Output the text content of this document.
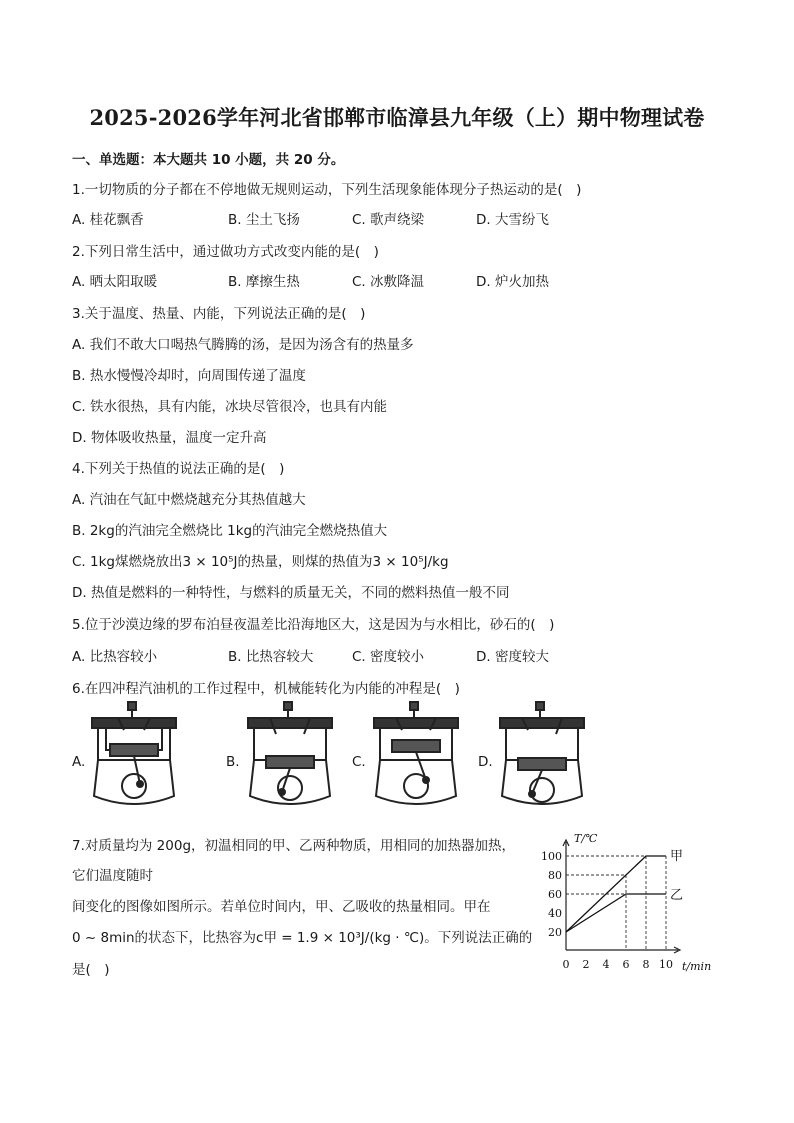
2025-2026学年河北省邯郸市临漳县九年级（上）期中物理试卷
一、单选题：本大题共 10 小题，共 20 分。
1.一切物质的分子都在不停地做无规则运动，下列生活现象能体现分子热运动的是(　)
A. 桂花飘香	B. 尘土飞扬	C. 歌声绕梁	D. 大雪纷飞
2.下列日常生活中，通过做功方式改变内能的是(　)
A. 晒太阳取暖	B. 摩擦生热	C. 冰敷降温	D. 炉火加热
3.关于温度、热量、内能，下列说法正确的是(　)
A. 我们不敢大口喝热气腾腾的汤，是因为汤含有的热量多
B. 热水慢慢冷却时，向周围传递了温度
C. 铁水很热，具有内能，冰块尽管很冷，也具有内能
D. 物体吸收热量，温度一定升高
4.下列关于热值的说法正确的是(　)
A. 汽油在气缸中燃烧越充分其热值越大
B. 2kg的汽油完全燃烧比 1kg的汽油完全燃烧热值大
C. 1kg煤燃烧放出3 × 10⁵J的热量，则煤的热值为3 × 10⁵J/kg
D. 热值是燃料的一种特性，与燃料的质量无关，不同的燃料热值一般不同
5.位于沙漠边缘的罗布泊昼夜温差比沿海地区大，这是因为与水相比，砂石的(　)
A. 比热容较小	B. 比热容较大	C. 密度较小	D. 密度较大
6.在四冲程汽油机的工作过程中，机械能转化为内能的冲程是(　)
A.	B.	C.	D.
7.对质量均为 200g，初温相同的甲、乙两种物质，用相同的加热器加热，
它们温度随时
间变化的图像如图所示。若单位时间内，甲、乙吸收的热量相同。甲在
0 ~ 8min的状态下，比热容为c甲 = 1.9 × 10³J/(kg · ℃)。下列说法正确的
是(　)
20
40
60
80
100
0 2 4 6 8 10
T/℃
t/min
甲
乙
